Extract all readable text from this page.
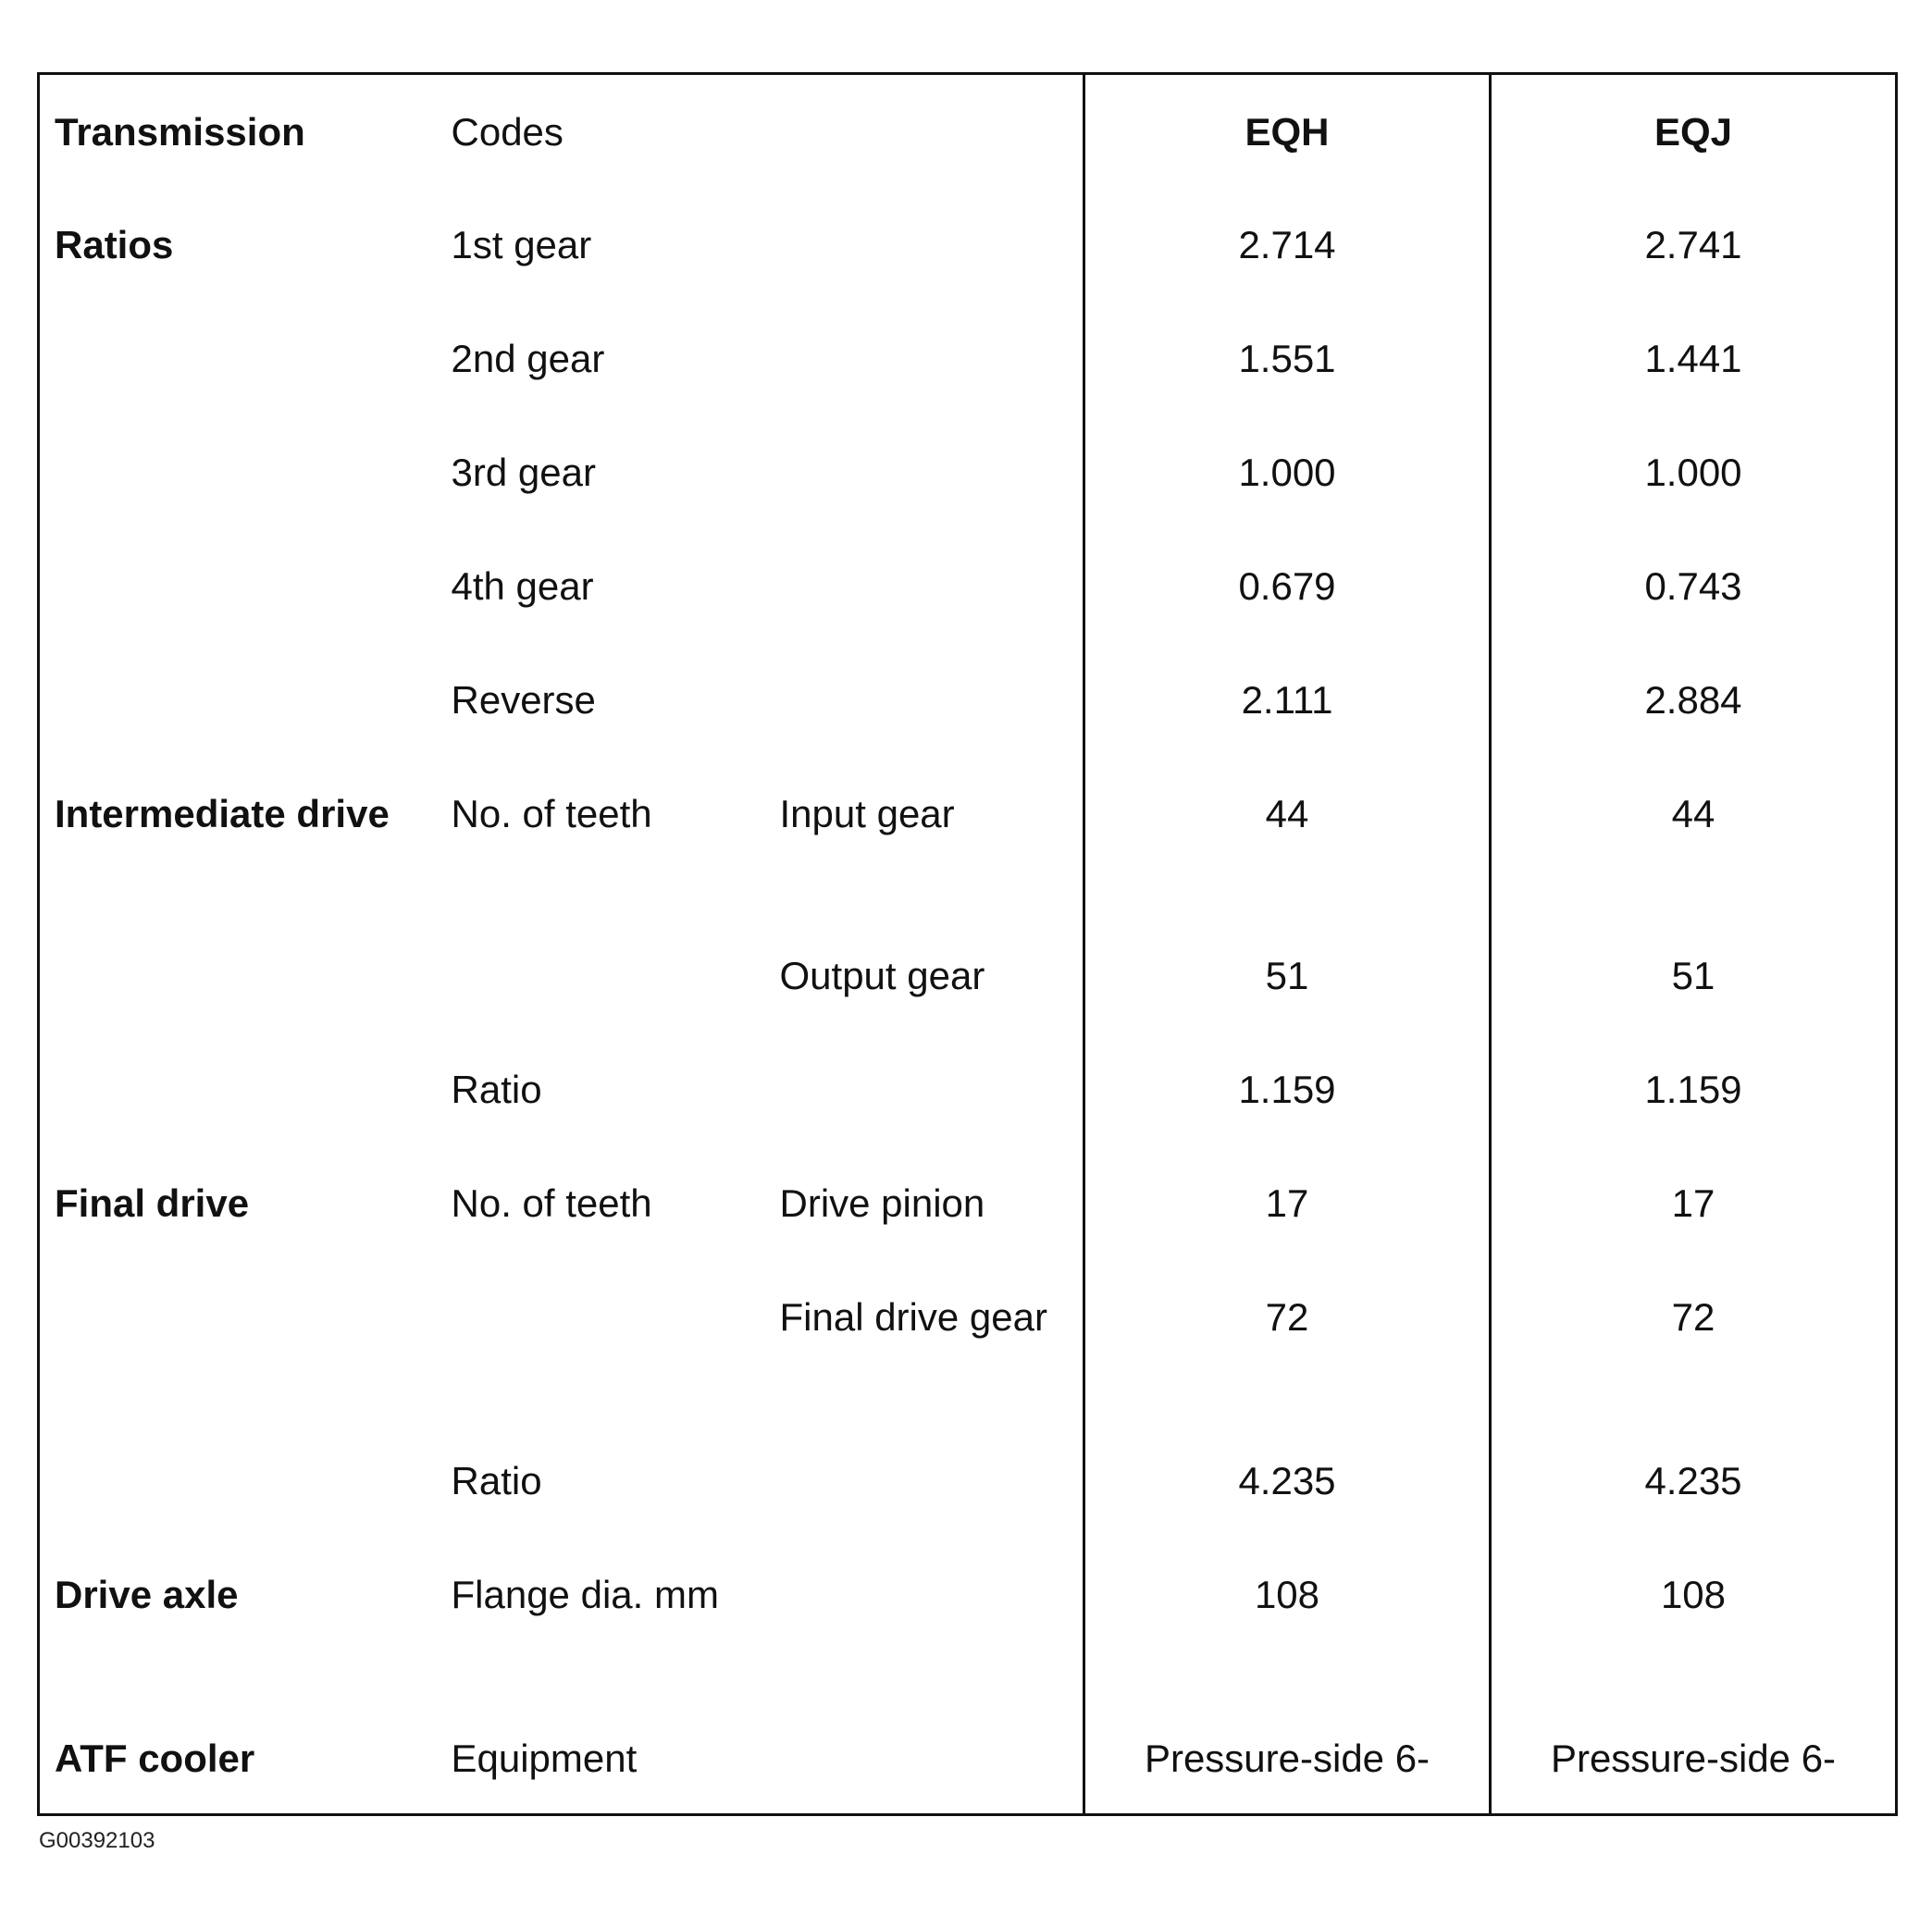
Transmission	Codes		EQH	EQJ
Ratios	1st gear		2.714	2.741
	2nd gear		1.551	1.441
	3rd gear		1.000	1.000
	4th gear		0.679	0.743
	Reverse		2.111	2.884
Intermediate drive	No. of teeth	Input gear	44	44
		Output gear	51	51
	Ratio		1.159	1.159
Final drive	No. of teeth	Drive pinion	17	17
		Final drive gear	72	72
	Ratio		4.235	4.235
Drive axle	Flange dia. mm		108	108
ATF cooler	Equipment		Pressure-side 6-	Pressure-side 6-
G00392103
